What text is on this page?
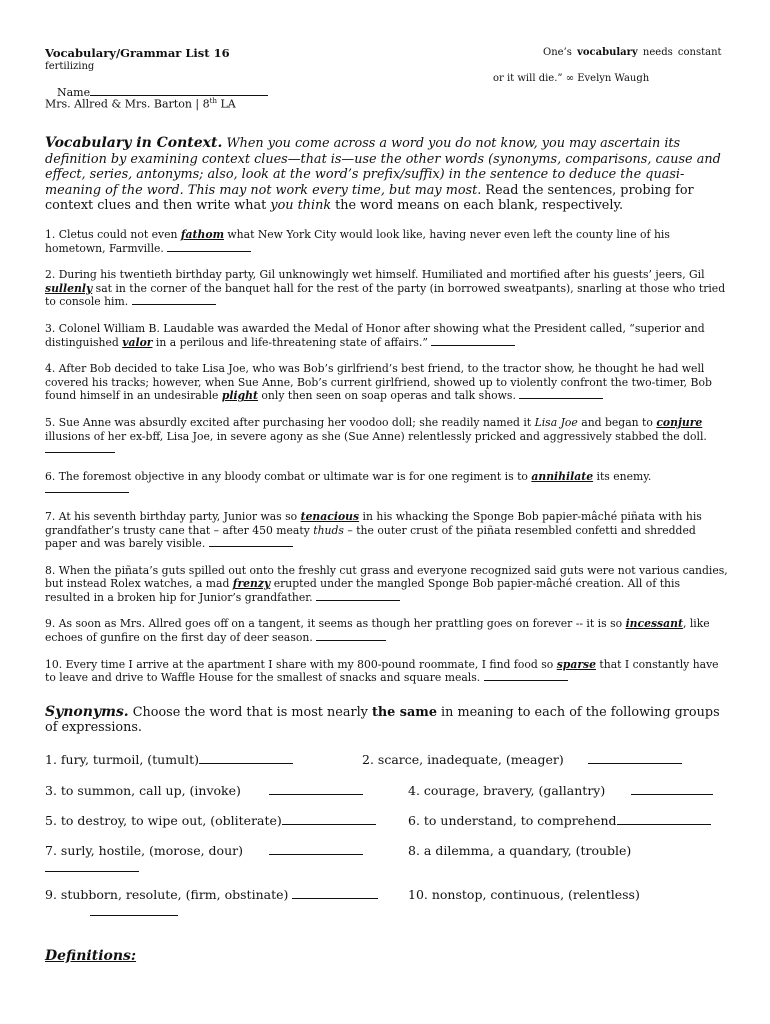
Vocabulary/Grammar List 16
fertilizing
One’s vocabulary needs constant
or it will die.” ∞ Evelyn Waugh
Name
Mrs. Allred & Mrs. Barton | 8th LA
Vocabulary in Context. When you come across a word you do not know, you may ascertain its definition by examining context clues—that is—use the other words (synonyms, comparisons, cause and effect, series, antonyms; also, look at the word’s prefix/suffix) in the sentence to deduce the quasi-meaning of the word. This may not work every time, but may most. Read the sentences, probing for context clues and then write what you think the word means on each blank, respectively.
1. Cletus could not even fathom what New York City would look like, having never even left the county line of his hometown, Farmville.
2. During his twentieth birthday party, Gil unknowingly wet himself. Humiliated and mortified after his guests’ jeers, Gil sullenly sat in the corner of the banquet hall for the rest of the party (in borrowed sweatpants), snarling at those who tried to console him.
3. Colonel William B. Laudable was awarded the Medal of Honor after showing what the President called, “superior and distinguished valor in a perilous and life-threatening state of affairs.”
4. After Bob decided to take Lisa Joe, who was Bob’s girlfriend’s best friend, to the tractor show, he thought he had well covered his tracks; however, when Sue Anne, Bob’s current girlfriend, showed up to violently confront the two-timer, Bob found himself in an undesirable plight only then seen on soap operas and talk shows.
5. Sue Anne was absurdly excited after purchasing her voodoo doll; she readily named it Lisa Joe and began to conjure illusions of her ex-bff, Lisa Joe, in severe agony as she (Sue Anne) relentlessly pricked and aggressively stabbed the doll.
6. The foremost objective in any bloody combat or ultimate war is for one regiment is to annihilate its enemy.

7. At his seventh birthday party, Junior was so tenacious in his whacking the Sponge Bob papier-mâché piñata with his grandfather’s trusty cane that – after 450 meaty thuds – the outer crust of the piñata resembled confetti and shredded paper and was barely visible.
8. When the piñata’s guts spilled out onto the freshly cut grass and everyone recognized said guts were not various candies, but instead Rolex watches, a mad frenzy erupted under the mangled Sponge Bob papier-mâché creation. All of this resulted in a broken hip for Junior’s grandfather.
9. As soon as Mrs. Allred goes off on a tangent, it seems as though her prattling goes on forever -- it is so incessant, like echoes of gunfire on the first day of deer season.
10. Every time I arrive at the apartment I share with my 800-pound roommate, I find food so sparse that I constantly have to leave and drive to Waffle House for the smallest of snacks and square meals.
Synonyms. Choose the word that is most nearly the same in meaning to each of the following groups of expressions.
1. fury, turmoil, (tumult)	2. scarce, inadequate, (meager)
3. to summon, call up, (invoke)	4. courage, bravery, (gallantry)
5. to destroy, to wipe out, (obliterate)	6. to understand, to comprehend
7. surly, hostile, (morose, dour)	8. a dilemma, a quandary, (trouble)
9. stubborn, resolute, (firm, obstinate)	10. nonstop, continuous, (relentless)
Definitions:
